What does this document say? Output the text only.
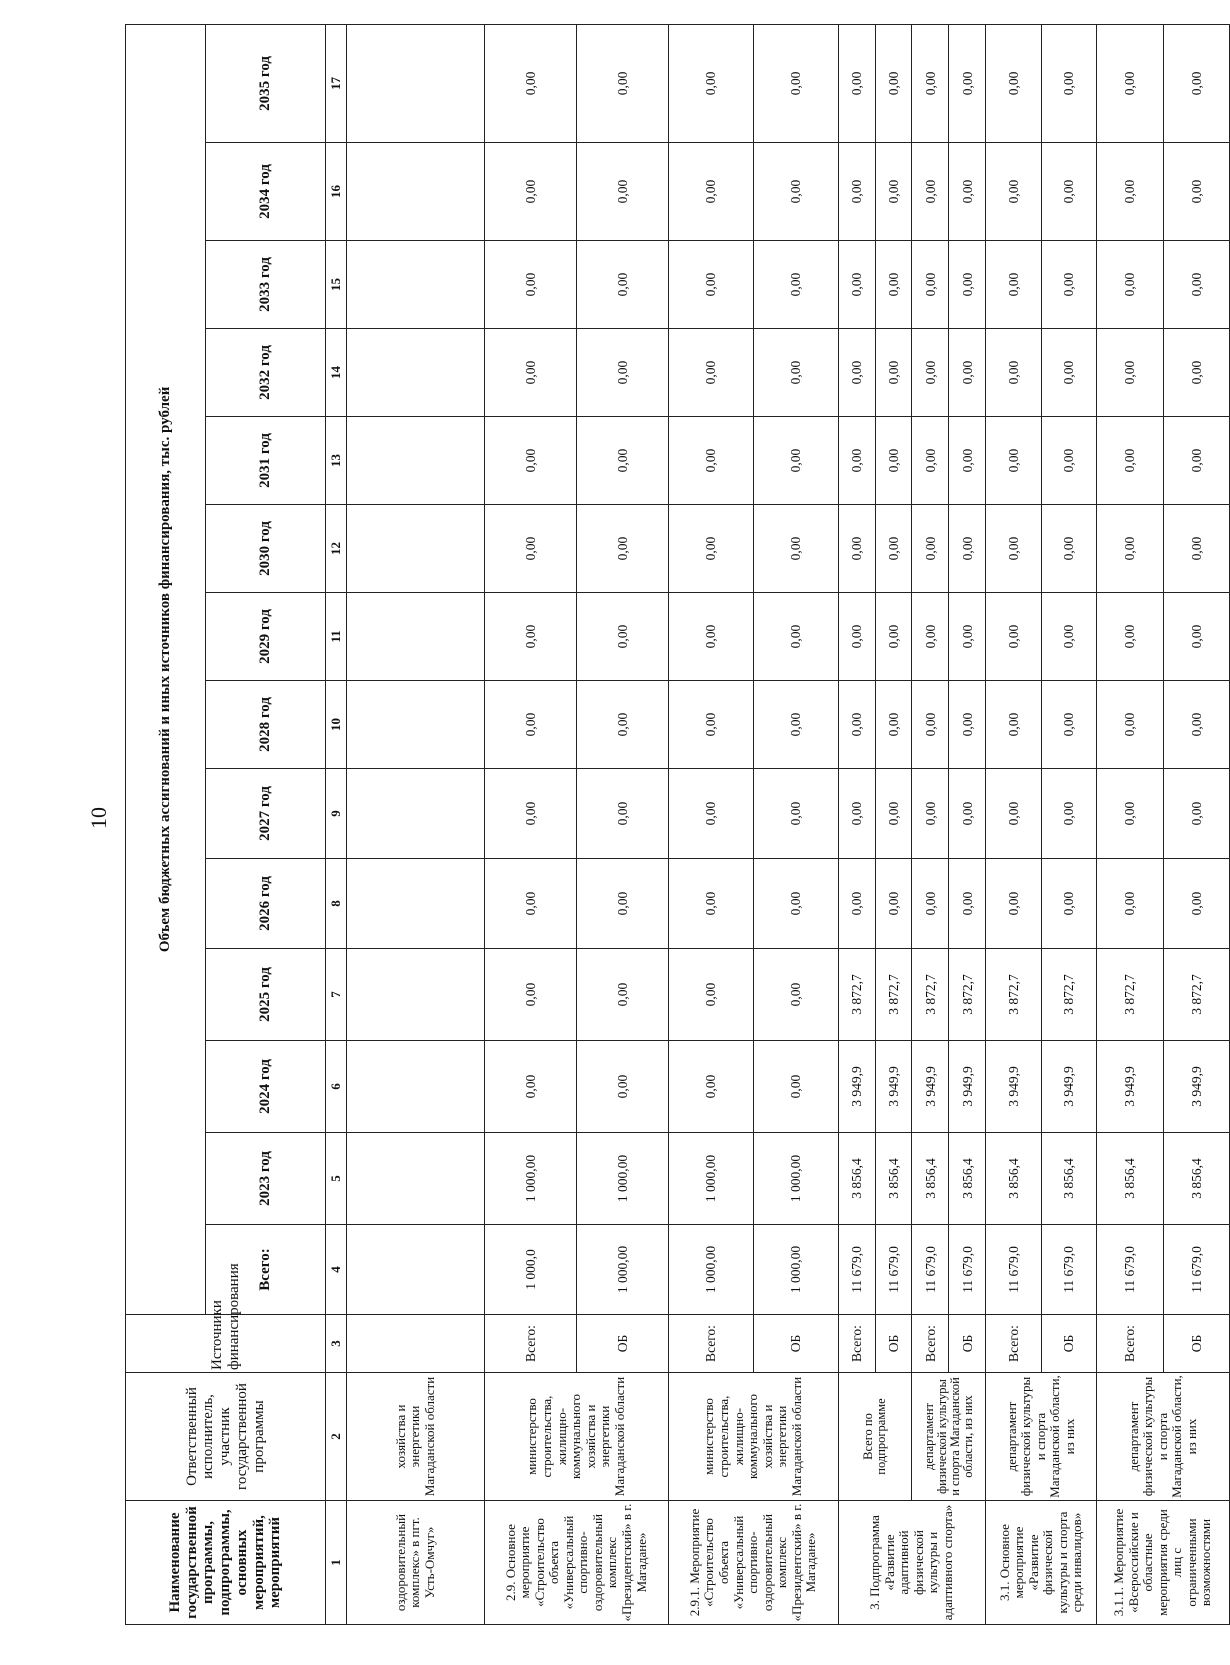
10
Наименование государственной программы, подпрограммы, основных мероприятий, мероприятий	Ответственный исполнитель, участник государственной программы	Источники финансирования	Объем бюджетных ассигнований и иных источников финансирования, тыс. рублей													
			Всего:	2023 год	2024 год	2025 год	2026 год	2027 год	2028 год	2029 год	2030 год	2031 год	2032 год	2033 год	2034 год	2035 год
1	2	3	4	5	6	7	8	9	10	11	12	13	14	15	16	17
оздоровительный комплекс» в пгт. Усть-Омчуг»	хозяйства и энергетики Магаданской области															
2.9. Основное мероприятие «Строительство объекта «Универсальный спортивно-оздоровительный комплекс «Президентский» в г. Магадане»	министерство строительства, жилищно-коммунального хозяйства и энергетики Магаданской области	Всего:	1 000,0	1 000,00	0,00	0,00	0,00	0,00	0,00	0,00	0,00	0,00	0,00	0,00	0,00	0,00
		ОБ	1 000,00	1 000,00	0,00	0,00	0,00	0,00	0,00	0,00	0,00	0,00	0,00	0,00	0,00	0,00
2.9.1. Мероприятие «Строительство объекта «Универсальный спортивно-оздоровительный комплекс «Президентский» в г. Магадане»	министерство строительства, жилищно-коммунального хозяйства и энергетики Магаданской области	Всего:	1 000,00	1 000,00	0,00	0,00	0,00	0,00	0,00	0,00	0,00	0,00	0,00	0,00	0,00	0,00
		ОБ	1 000,00	1 000,00	0,00	0,00	0,00	0,00	0,00	0,00	0,00	0,00	0,00	0,00	0,00	0,00
3. Подпрограмма «Развитие адаптивной физической культуры и адаптивного спорта»	Всего по подпрограмме	Всего:	11 679,0	3 856,4	3 949,9	3 872,7	0,00	0,00	0,00	0,00	0,00	0,00	0,00	0,00	0,00	0,00
		ОБ	11 679,0	3 856,4	3 949,9	3 872,7	0,00	0,00	0,00	0,00	0,00	0,00	0,00	0,00	0,00	0,00
	департамент физической культуры и спорта Магаданской области, из них	Всего:	11 679,0	3 856,4	3 949,9	3 872,7	0,00	0,00	0,00	0,00	0,00	0,00	0,00	0,00	0,00	0,00
		ОБ	11 679,0	3 856,4	3 949,9	3 872,7	0,00	0,00	0,00	0,00	0,00	0,00	0,00	0,00	0,00	0,00
3.1. Основное мероприятие «Развитие физической культуры и спорта среди инвалидов»	департамент физической культуры и спорта Магаданской области, из них	Всего:	11 679,0	3 856,4	3 949,9	3 872,7	0,00	0,00	0,00	0,00	0,00	0,00	0,00	0,00	0,00	0,00
		ОБ	11 679,0	3 856,4	3 949,9	3 872,7	0,00	0,00	0,00	0,00	0,00	0,00	0,00	0,00	0,00	0,00
3.1.1. Мероприятие «Всероссийские и областные мероприятия среди лиц с ограниченными возможностями	департамент физической культуры и спорта Магаданской области, из них	Всего:	11 679,0	3 856,4	3 949,9	3 872,7	0,00	0,00	0,00	0,00	0,00	0,00	0,00	0,00	0,00	0,00
		ОБ	11 679,0	3 856,4	3 949,9	3 872,7	0,00	0,00	0,00	0,00	0,00	0,00	0,00	0,00	0,00	0,00
